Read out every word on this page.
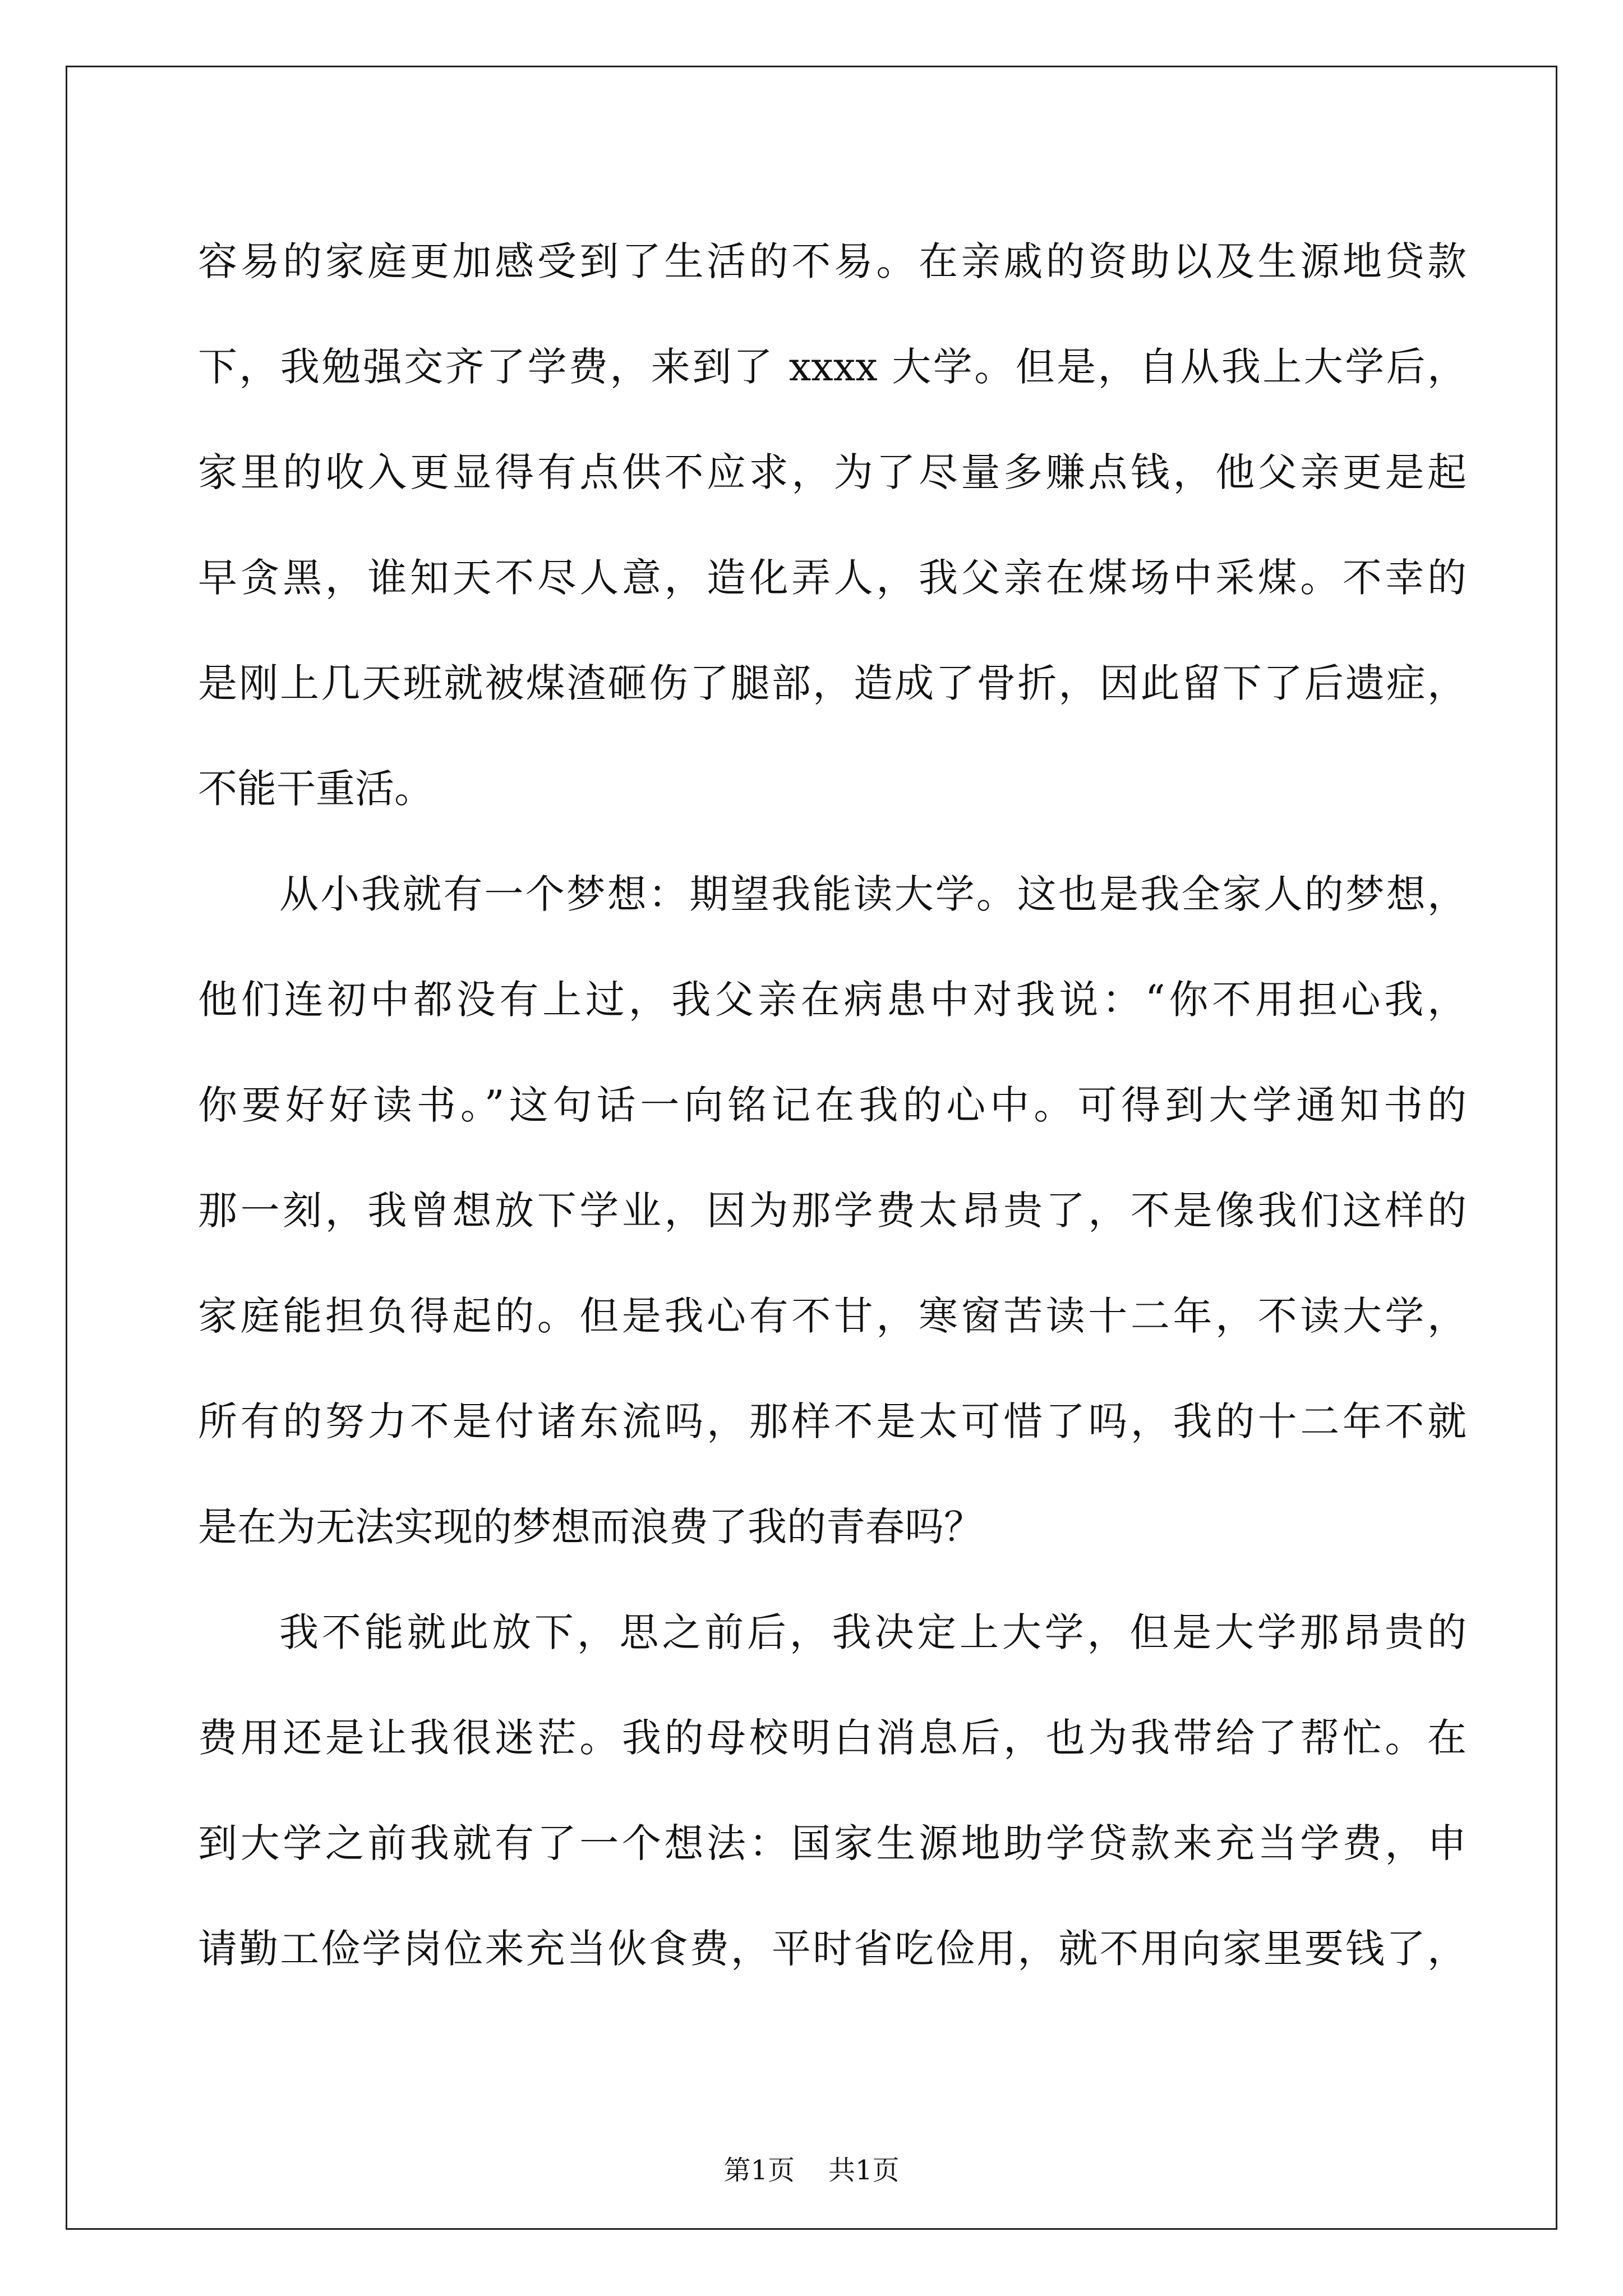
容易的家庭更加感受到了生活的不易。在亲戚的资助以及生源地贷款
下，我勉强交齐了学费，来到了 xxxx 大学。但是，自从我上大学后，
家里的收入更显得有点供不应求，为了尽量多赚点钱，他父亲更是起
早贪黑，谁知天不尽人意，造化弄人，我父亲在煤场中采煤。不幸的
是刚上几天班就被煤渣砸伤了腿部，造成了骨折，因此留下了后遗症，
不能干重活。
从小我就有一个梦想：期望我能读大学。这也是我全家人的梦想，
他们连初中都没有上过，我父亲在病患中对我说：“你不用担心我，
你要好好读书。”这句话一向铭记在我的心中。可得到大学通知书的
那一刻，我曾想放下学业，因为那学费太昂贵了，不是像我们这样的
家庭能担负得起的。但是我心有不甘，寒窗苦读十二年，不读大学，
所有的努力不是付诸东流吗，那样不是太可惜了吗，我的十二年不就
是在为无法实现的梦想而浪费了我的青春吗？
我不能就此放下，思之前后，我决定上大学，但是大学那昂贵的
费用还是让我很迷茫。我的母校明白消息后，也为我带给了帮忙。在
到大学之前我就有了一个想法：国家生源地助学贷款来充当学费，申
请勤工俭学岗位来充当伙食费，平时省吃俭用，就不用向家里要钱了，
第1页 共1页
